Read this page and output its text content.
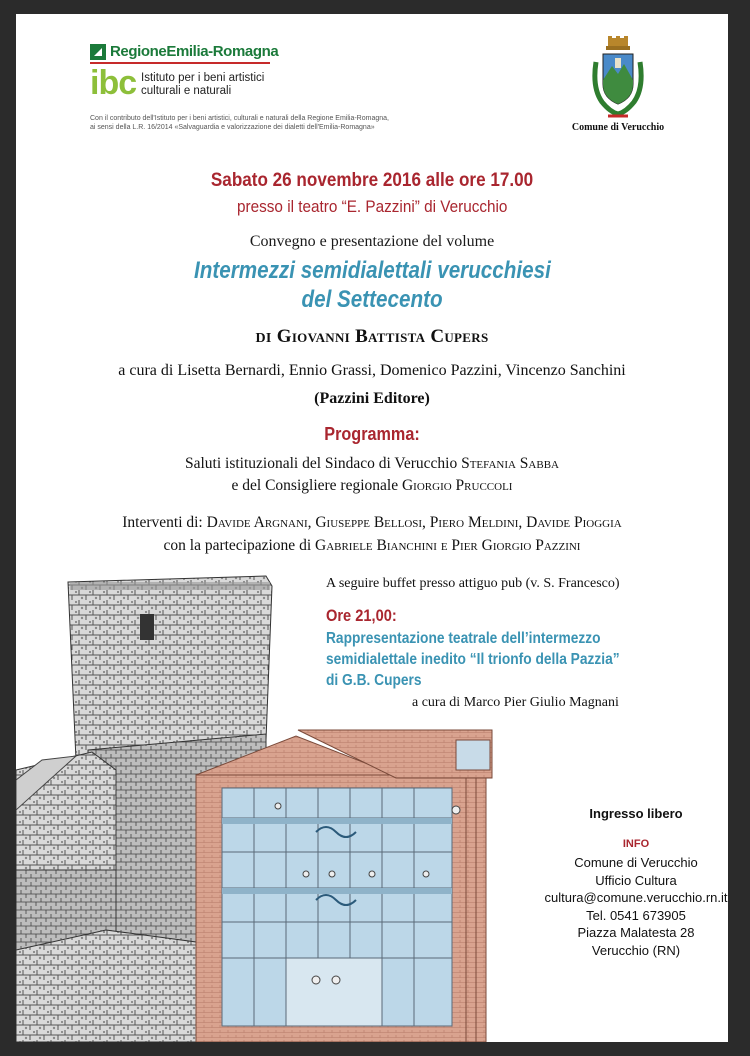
RegioneEmilia-Romagna
ibc Istituto per i beni artistici
culturali e naturali
Con il contributo dell'Istituto per i beni artistici, culturali e naturali della Regione Emilia-Romagna,
ai sensi della L.R. 16/2014 «Salvaguardia e valorizzazione dei dialetti dell'Emilia-Romagna»	Comune di Verucchio
Sabato 26 novembre 2016 alle ore 17.00
presso il teatro “E. Pazzini” di Verucchio
Convegno e presentazione del volume
Intermezzi semidialettali verucchiesi
del Settecento
DI Giovanni Battista Cupers
a cura di Lisetta Bernardi, Ennio Grassi, Domenico Pazzini, Vincenzo Sanchini
(Pazzini Editore)
Programma:
Saluti istituzionali del Sindaco di Verucchio Stefania Sabba
e del Consigliere regionale Giorgio Pruccoli
Interventi di: Davide Argnani, Giuseppe Bellosi, Piero Meldini, Davide Pioggia
con la partecipazione di Gabriele Bianchini e Pier Giorgio Pazzini
A seguire buffet presso attiguo pub (v. S. Francesco)
Ore 21,00:
Rappresentazione teatrale dell’intermezzo
semidialettale inedito “Il trionfo della Pazzia”
di G.B. Cupers
a cura di Marco Pier Giulio Magnani
Ingresso libero
INFO
Comune di Verucchio
Ufficio Cultura
cultura@comune.verucchio.rn.it
Tel. 0541 673905
Piazza Malatesta 28
Verucchio (RN)
